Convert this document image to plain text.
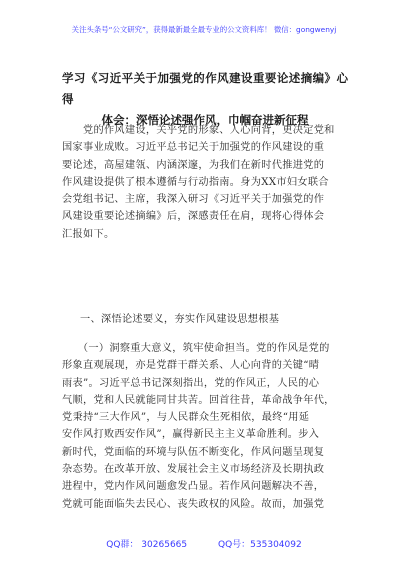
关注头条号“公文研究”，获得最新最全最专业的公文资料库！ 微信：gongwenyj
学习《习近平关于加强党的作风建设重要论述摘编》心得
体会：深悟论述强作风，巾帼奋进新征程
　　党的作风建设，关乎党的形象、人心向背，更决定党和
国家事业成败。习近平总书记关于加强党的作风建设的重
要论述，高屋建瓴、内涵深邃，为我们在新时代推进党的
作风建设提供了根本遵循与行动指南。身为XX市妇女联合
会党组书记、主席，我深入研习《习近平关于加强党的作
风建设重要论述摘编》后，深感责任在肩，现将心得体会
汇报如下。
一、深悟论述要义，夯实作风建设思想根基
　　（一）洞察重大意义，筑牢使命担当。党的作风是党的
形象直观展现，亦是党群干群关系、人心向背的关键“晴
雨表”。习近平总书记深刻指出，党的作风正，人民的心
气顺，党和人民就能同甘共苦。回首往昔，革命战争年代，
党秉持“三大作风”，与人民群众生死相依，最终“用延
安作风打败西安作风”，赢得新民主主义革命胜利。步入
新时代，党面临的环境与队伍不断变化，作风问题呈现复
杂态势。在改革开放、发展社会主义市场经济及长期执政
进程中，党内作风问题愈发凸显。若作风问题解决不善，
党就可能面临失去民心、丧失政权的风险。故而，加强党
QQ群： 30265665	QQ号：535304092
